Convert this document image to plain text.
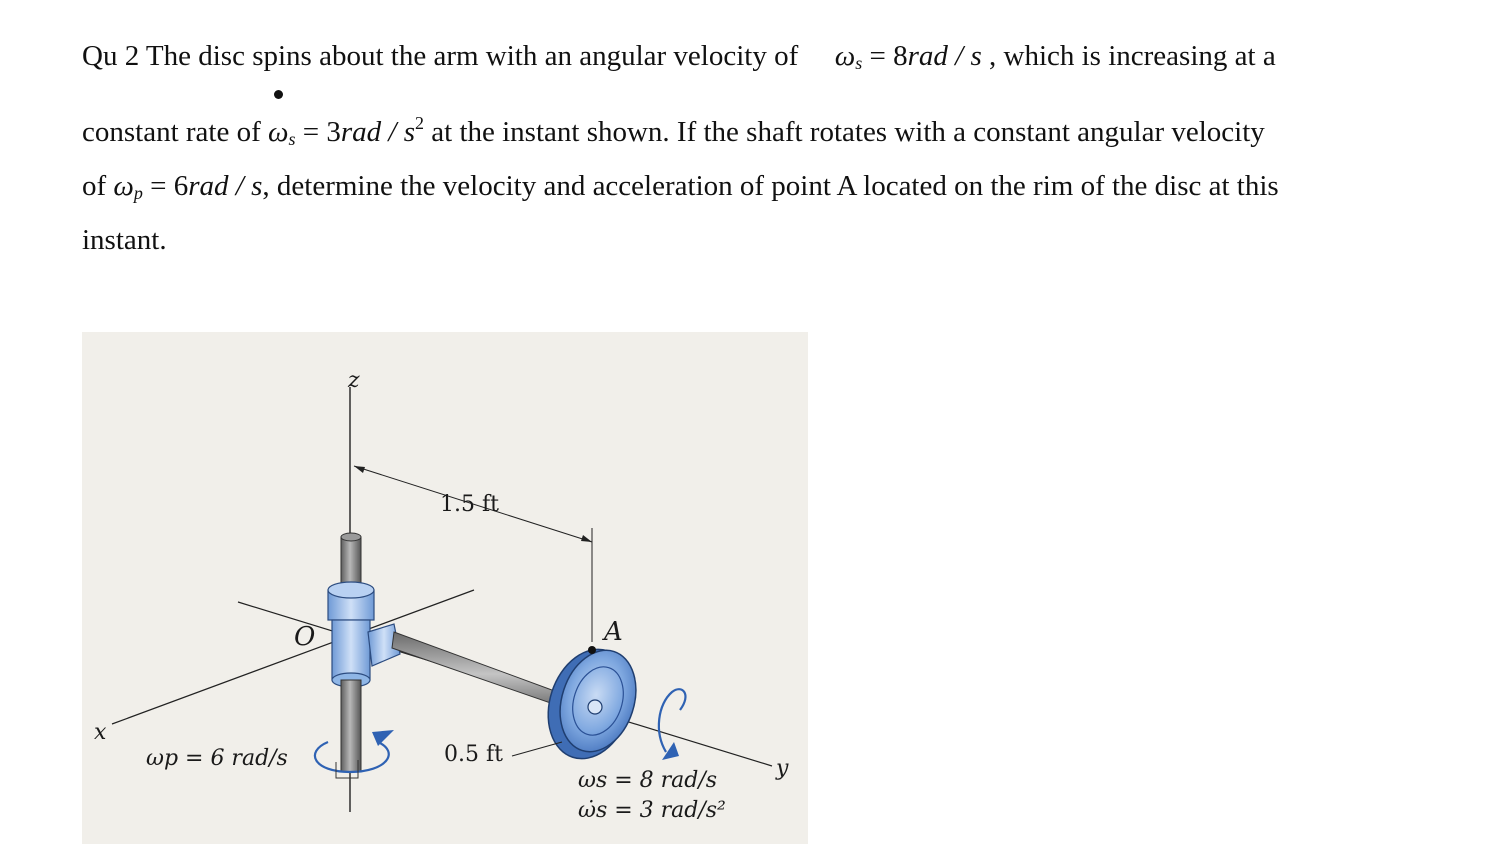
Qu 2 The disc spins about the arm with an angular velocity of $\omega_s = 8rad / s$ , which is increasing at a
constant rate of $\omega_s = 3rad / s^2$ at the instant shown. If the shaft rotates with a constant angular velocity
of $\omega_p = 6rad / s$, determine the velocity and acceleration of point A located on the rim of the disc at this
instant.
z
x
y
O	A
1.5 ft
0.5 ft
ωp = 6 rad/s
ωs = 8 rad/s
ω̇s = 3 rad/s²
